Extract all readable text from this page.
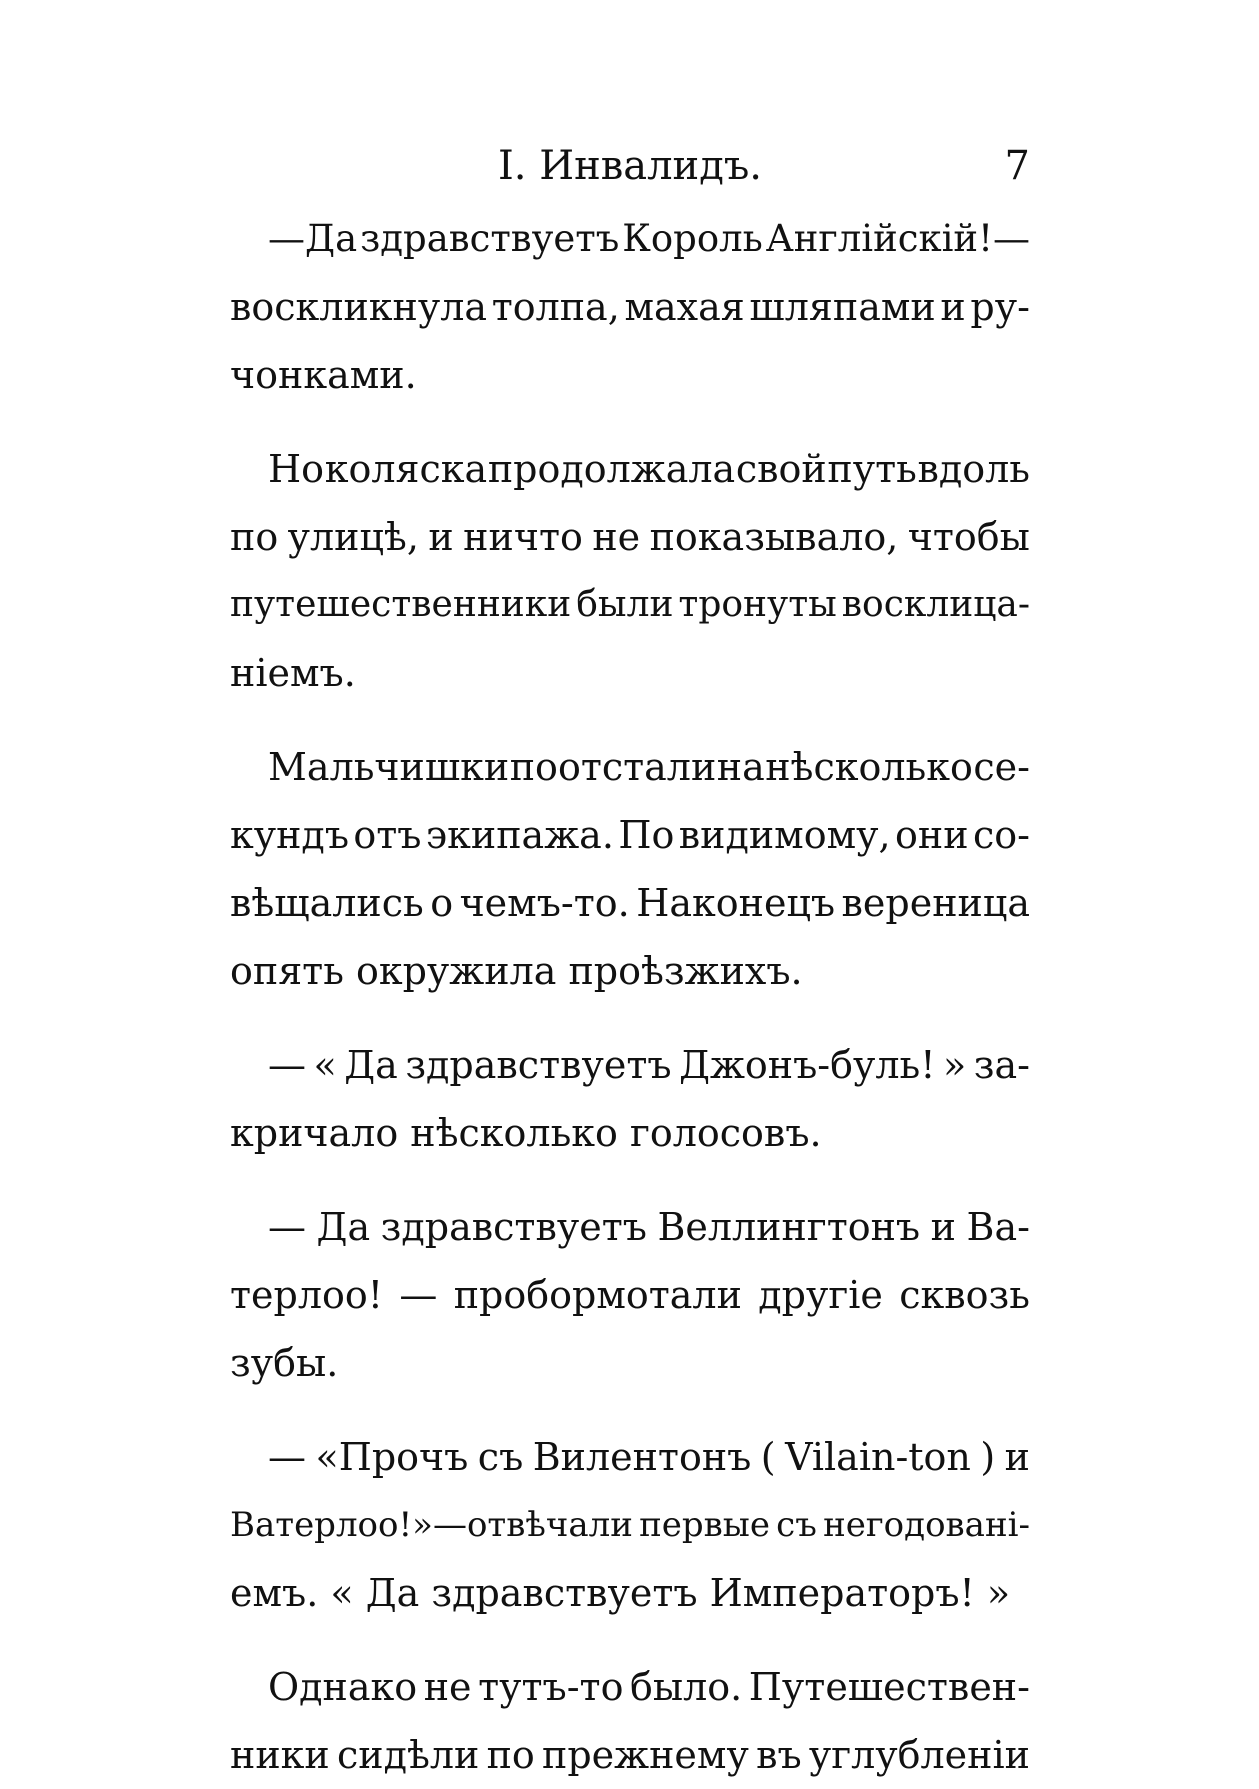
I. Инвалидъ.	7
—Да здравствуетъ Король Англійскій!—
воскликнула толпа, махая шляпами и ру-
чонками.
Но коляска продолжала свой путь вдоль
по улицѣ, и ничто не показывало, чтобы
путешественники были тронуты восклица-
ніемъ.
Мальчишки поотстали на нѣсколько се-
кундъ отъ экипажа. По видимому, они со-
вѣщались о чемъ-то. Наконецъ вереница
опять окружила проѣзжихъ.
— « Да здравствуетъ Джонъ-буль! » за-
кричало нѣсколько голосовъ.
— Да здравствуетъ Веллингтонъ и Ва-
терлоо! — пробормотали другіе сквозь
зубы.
— «Прочъ съ Вилентонъ ( Vilain-ton ) и
Ватерлоо!»—отвѣчали первые съ негодовані-
емъ. « Да здравствуетъ Императоръ! »
Однако не тутъ-то было. Путешествен-
ники сидѣли по прежнему въ углубленіи
